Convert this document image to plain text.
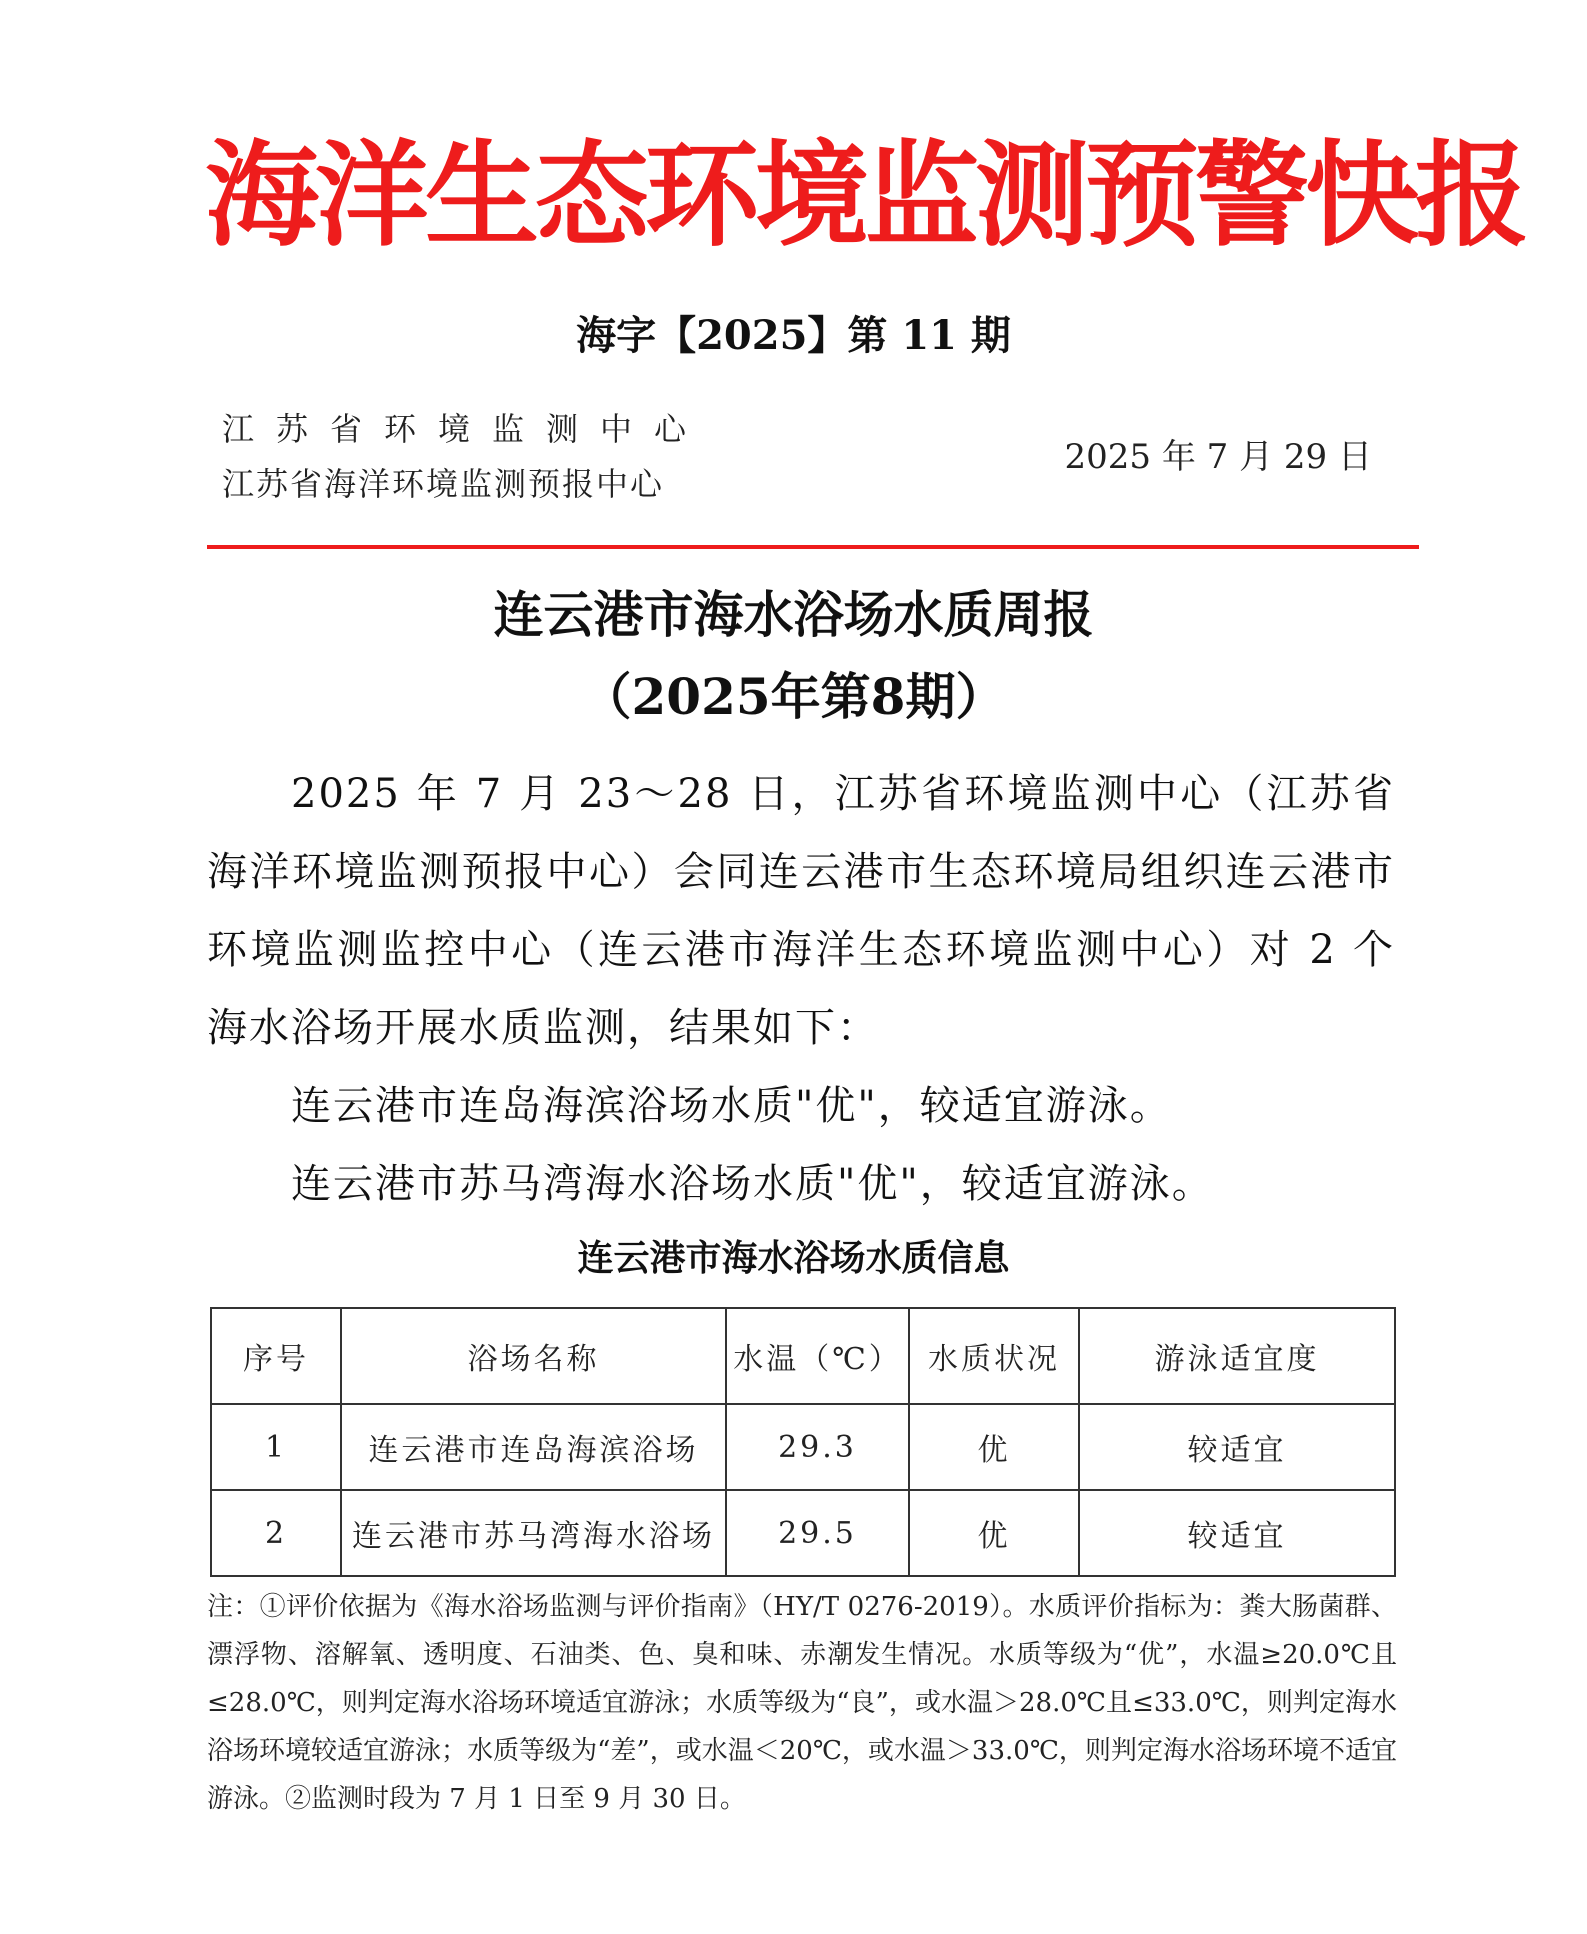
海洋生态环境监测预警快报
海字【2025】第 11 期
江苏省环境监测中心
江苏省海洋环境监测预报中心
2025 年 7 月 29 日
连云港市海水浴场水质周报
（2025年第8期）

2025 年 7 月 23～28 日，江苏省环境监测中心（江苏省海洋环境监测预报中心）会同连云港市生态环境局组织连云港市环境监测监控中心（连云港市海洋生态环境监测中心）对 2 个海水浴场开展水质监测，结果如下：

连云港市连岛海滨浴场水质"优"，较适宜游泳。

连云港市苏马湾海水浴场水质"优"，较适宜游泳。

连云港市海水浴场水质信息
序号	浴场名称	水温（℃）	水质状况	游泳适宜度
1	连云港市连岛海滨浴场	29.3	优	较适宜
2	连云港市苏马湾海水浴场	29.5	优	较适宜
注：①评价依据为《海水浴场监测与评价指南》（HY/T 0276-2019）。水质评价指标为：粪大肠菌群、漂浮物、溶解氧、透明度、石油类、色、臭和味、赤潮发生情况。水质等级为“优”，水温≥20.0℃且≤28.0℃，则判定海水浴场环境适宜游泳；水质等级为“良”，或水温＞28.0℃且≤33.0℃，则判定海水浴场环境较适宜游泳；水质等级为“差”，或水温＜20℃，或水温＞33.0℃，则判定海水浴场环境不适宜游泳。②监测时段为 7 月 1 日至 9 月 30 日。
